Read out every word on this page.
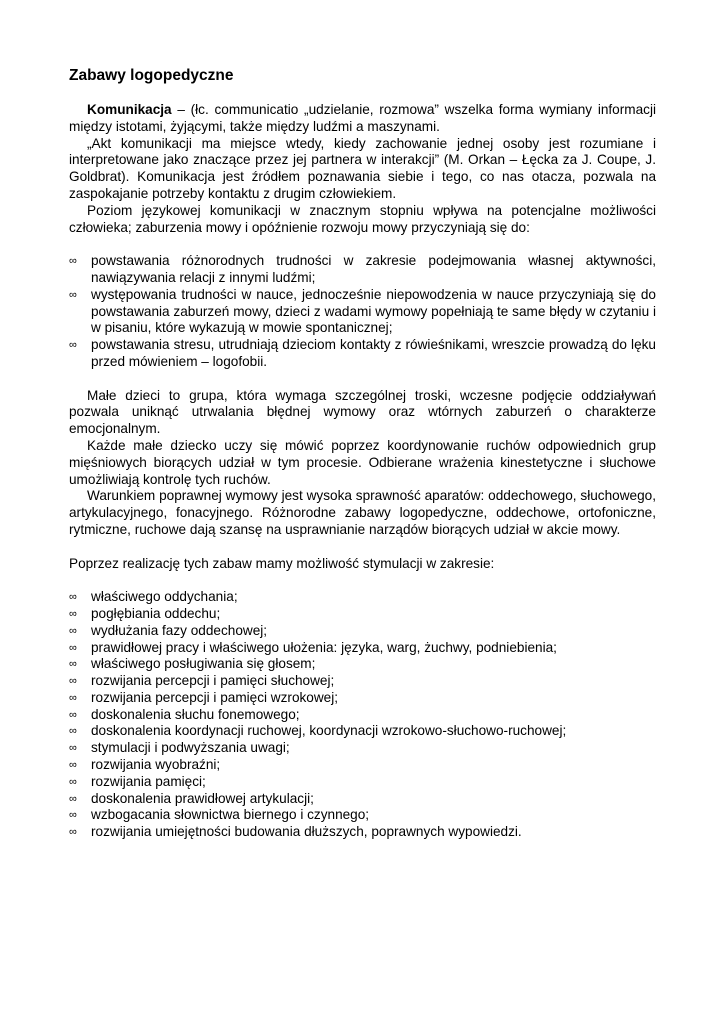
Zabawy logopedyczne

Komunikacja – (łc. communicatio „udzielanie, rozmowa” wszelka forma wymiany informacji między istotami, żyjącymi, także między ludźmi a maszynami.

„Akt komunikacji ma miejsce wtedy, kiedy zachowanie jednej osoby jest rozumiane i interpretowane jako znaczące przez jej partnera w interakcji” (M. Orkan – Łęcka za J. Coupe, J. Goldbrat). Komunikacja jest źródłem poznawania siebie i tego, co nas otacza, pozwala na zaspokajanie potrzeby kontaktu z drugim człowiekiem.

Poziom językowej komunikacji w znacznym stopniu wpływa na potencjalne możliwości człowieka; zaburzenia mowy i opóźnienie rozwoju mowy przyczyniają się do:

∞	powstawania różnorodnych trudności w zakresie podejmowania własnej aktywności, nawiązywania relacji z innymi ludźmi;
∞	występowania trudności w nauce, jednocześnie niepowodzenia w nauce przyczyniają się do powstawania zaburzeń mowy, dzieci z wadami wymowy popełniają te same błędy w czytaniu i w pisaniu, które wykazują w mowie spontanicznej;
∞	powstawania stresu, utrudniają dzieciom kontakty z rówieśnikami, wreszcie prowadzą do lęku przed mówieniem – logofobii.

Małe dzieci to grupa, która wymaga szczególnej troski, wczesne podjęcie oddziaływań pozwala uniknąć utrwalania błędnej wymowy oraz wtórnych zaburzeń o charakterze emocjonalnym.

Każde małe dziecko uczy się mówić poprzez koordynowanie ruchów odpowiednich grup mięśniowych biorących udział w tym procesie. Odbierane wrażenia kinestetyczne i słuchowe umożliwiają kontrolę tych ruchów.

Warunkiem poprawnej wymowy jest wysoka sprawność aparatów: oddechowego, słuchowego, artykulacyjnego, fonacyjnego. Różnorodne zabawy logopedyczne, oddechowe, ortofoniczne, rytmiczne, ruchowe dają szansę na usprawnianie narządów biorących udział w akcie mowy.

Poprzez realizację tych zabaw mamy możliwość stymulacji w zakresie:

∞	właściwego oddychania;
∞	pogłębiania oddechu;
∞	wydłużania fazy oddechowej;
∞	prawidłowej pracy i właściwego ułożenia: języka, warg, żuchwy, podniebienia;
∞	właściwego posługiwania się głosem;
∞	rozwijania percepcji i pamięci słuchowej;
∞	rozwijania percepcji i pamięci wzrokowej;
∞	doskonalenia słuchu fonemowego;
∞	doskonalenia koordynacji ruchowej, koordynacji wzrokowo-słuchowo-ruchowej;
∞	stymulacji i podwyższania uwagi;
∞	rozwijania wyobraźni;
∞	rozwijania pamięci;
∞	doskonalenia prawidłowej artykulacji;
∞	wzbogacania słownictwa biernego i czynnego;
∞	rozwijania umiejętności budowania dłuższych, poprawnych wypowiedzi.
